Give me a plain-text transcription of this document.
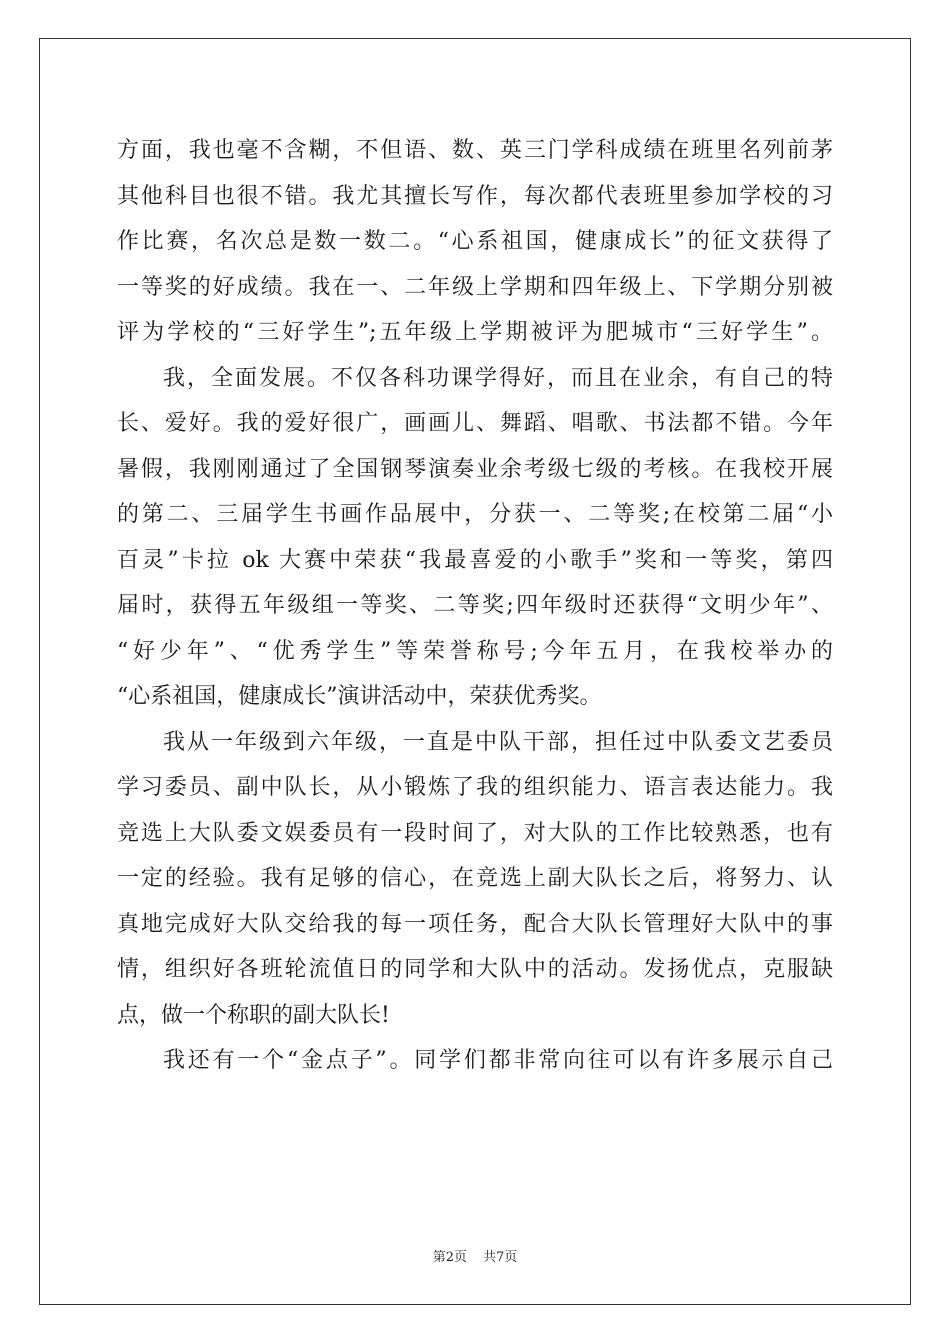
方面，我也毫不含糊，不但语、数、英三门学科成绩在班里名列前茅
其他科目也很不错。我尤其擅长写作，每次都代表班里参加学校的习
作比赛，名次总是数一数二。“心系祖国，健康成长”的征文获得了
一等奖的好成绩。我在一、二年级上学期和四年级上、下学期分别被
评为学校的“三好学生”;五年级上学期被评为肥城市“三好学生”。
我，全面发展。不仅各科功课学得好，而且在业余，有自己的特
长、爱好。我的爱好很广，画画儿、舞蹈、唱歌、书法都不错。今年
暑假，我刚刚通过了全国钢琴演奏业余考级七级的考核。在我校开展
的第二、三届学生书画作品展中，分获一、二等奖;在校第二届“小
百灵”卡拉 ok 大赛中荣获“我最喜爱的小歌手”奖和一等奖，第四
届时，获得五年级组一等奖、二等奖;四年级时还获得“文明少年”、
“好少年”、“优秀学生”等荣誉称号;今年五月，在我校举办的
“心系祖国，健康成长”演讲活动中，荣获优秀奖。
我从一年级到六年级，一直是中队干部，担任过中队委文艺委员
学习委员、副中队长，从小锻炼了我的组织能力、语言表达能力。我
竞选上大队委文娱委员有一段时间了，对大队的工作比较熟悉，也有
一定的经验。我有足够的信心，在竞选上副大队长之后，将努力、认
真地完成好大队交给我的每一项任务，配合大队长管理好大队中的事
情，组织好各班轮流值日的同学和大队中的活动。发扬优点，克服缺
点，做一个称职的副大队长!
我还有一个“金点子”。同学们都非常向往可以有许多展示自己
第2页 共7页
